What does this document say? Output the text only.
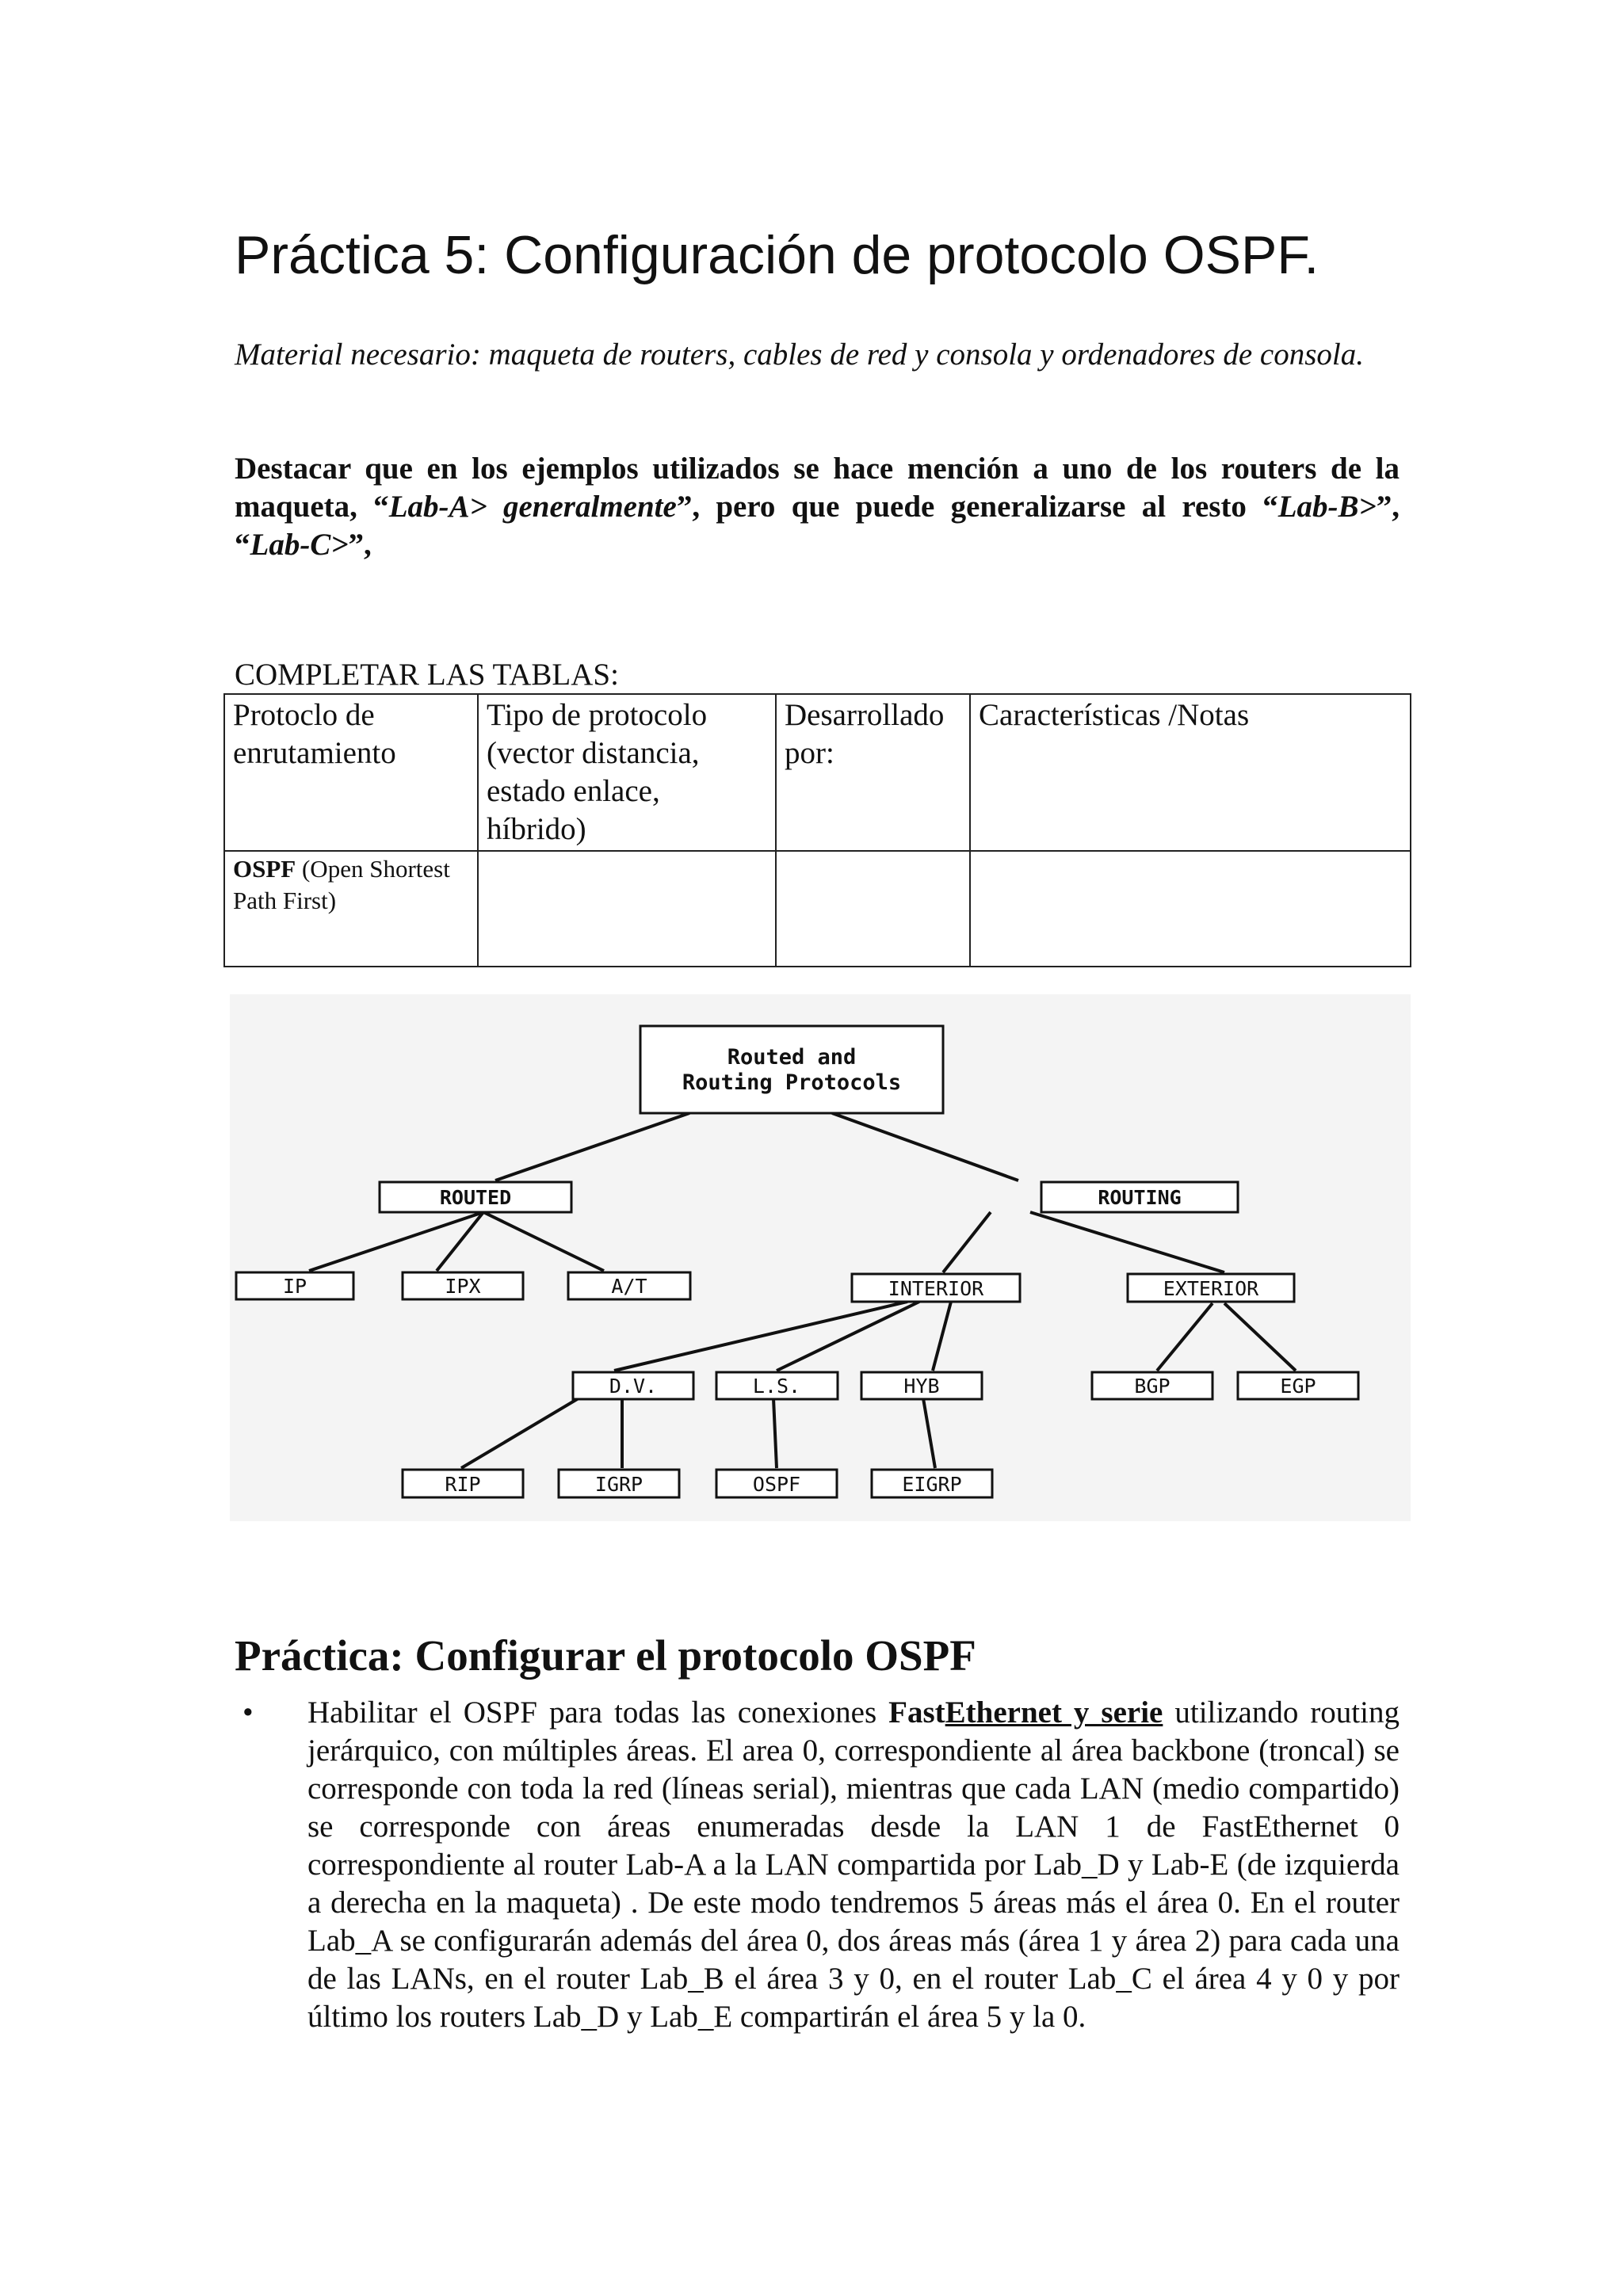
Práctica 5: Configuración de protocolo OSPF.

Material necesario: maqueta de routers, cables de red y consola y ordenadores de consola.

Destacar que en los ejemplos utilizados se hace mención a uno de los routers de la maqueta, “Lab-A> generalmente”, pero que puede generalizarse al resto “Lab-B>”, “Lab-C>”,

COMPLETAR LAS TABLAS:

Protoclo de enrutamiento	Tipo de protocolo (vector distancia, estado enlace, híbrido)	Desarrollado por:	Características /Notas
OSPF (Open Shortest Path First)			
Routed and
Routing Protocols
ROUTED	ROUTING
IP	IPX	A/T	INTERIOR	EXTERIOR
D.V.	L.S.	HYB	BGP	EGP
RIP	IGRP	OSPF	EIGRP
Práctica: Configurar el protocolo OSPF
• Habilitar el OSPF para todas las conexiones FastEthernet y serie utilizando routing jerárquico, con múltiples áreas. El area 0, correspondiente al área backbone (troncal) se corresponde con toda la red (líneas serial), mientras que cada LAN (medio compartido) se corresponde con áreas enumeradas desde la LAN 1 de FastEthernet 0 correspondiente al router Lab-A a la LAN compartida por Lab_D y Lab-E (de izquierda a derecha en la maqueta) . De este modo tendremos 5 áreas más el área 0. En el router Lab_A se configurarán además del área 0, dos áreas más (área 1 y área 2) para cada una de las LANs, en el router Lab_B el área 3 y 0, en el router Lab_C el área 4 y 0 y por último los routers Lab_D y Lab_E compartirán el área 5 y la 0.
